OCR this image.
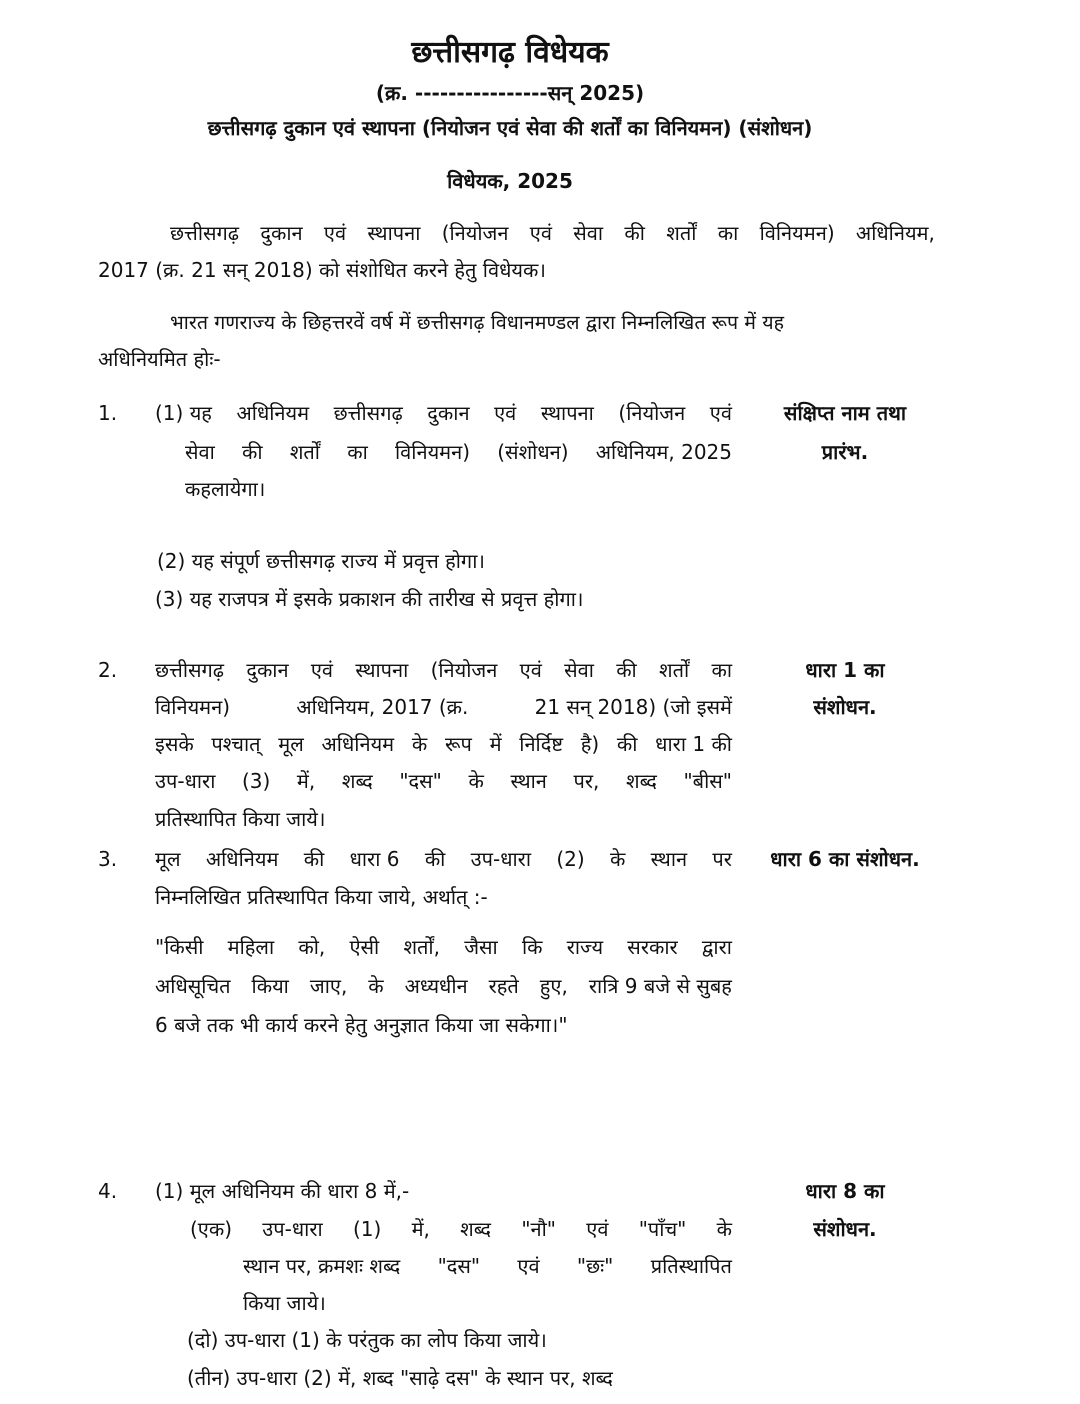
छत्तीसगढ़ विधेयक
(क्र. ----------------सन् 2025)
छत्तीसगढ़ दुकान एवं स्थापना (नियोजन एवं सेवा की शर्तों का विनियमन) (संशोधन)
विधेयक, 2025
छत्तीसगढ़ दुकान एवं स्थापना (नियोजन एवं सेवा की शर्तों का विनियमन) अधिनियम,
2017 (क्र. 21 सन् 2018) को संशोधित करने हेतु विधेयक।
भारत गणराज्य के छिहत्तरवें वर्ष में छत्तीसगढ़ विधानमण्डल द्वारा निम्नलिखित रूप में यह
अधिनियमित होः-
1. (1) यह अधिनियम छत्तीसगढ़ दुकान एवं स्थापना (नियोजन एवं
सेवा की शर्तों का विनियमन) (संशोधन) अधिनियम, 2025
कहलायेगा।
(2) यह संपूर्ण छत्तीसगढ़ राज्य में प्रवृत्त होगा।
(3) यह राजपत्र में इसके प्रकाशन की तारीख से प्रवृत्त होगा।
संक्षिप्त नाम तथा
प्रारंभ.
2. छत्तीसगढ़ दुकान एवं स्थापना (नियोजन एवं सेवा की शर्तों का
विनियमन)	अधिनियम, 2017 (क्र.	21 सन् 2018) (जो इसमें
इसके पश्चात् मूल अधिनियम के रूप में निर्दिष्ट है) की धारा 1 की
उप-धारा (3) में, शब्द "दस" के स्थान पर, शब्द "बीस"
प्रतिस्थापित किया जाये।
धारा 1 का
संशोधन.
3. मूल अधिनियम की धारा 6 की उप-धारा (2) के स्थान पर
निम्नलिखित प्रतिस्थापित किया जाये, अर्थात् :-
"किसी महिला को, ऐसी शर्तों, जैसा कि राज्य सरकार द्वारा
अधिसूचित किया जाए, के अध्यधीन रहते हुए, रात्रि 9 बजे से सुबह
6 बजे तक भी कार्य करने हेतु अनुज्ञात किया जा सकेगा।"
धारा 6 का संशोधन.
4. (1) मूल अधिनियम की धारा 8 में,-
(एक) उप-धारा (1) में, शब्द "नौ" एवं "पाँच" के
स्थान पर, क्रमशः शब्द "दस" एवं "छः" प्रतिस्थापित
किया जाये।
(दो) उप-धारा (1) के परंतुक का लोप किया जाये।
(तीन) उप-धारा (2) में, शब्द "साढ़े दस" के स्थान पर, शब्द
धारा 8 का
संशोधन.
